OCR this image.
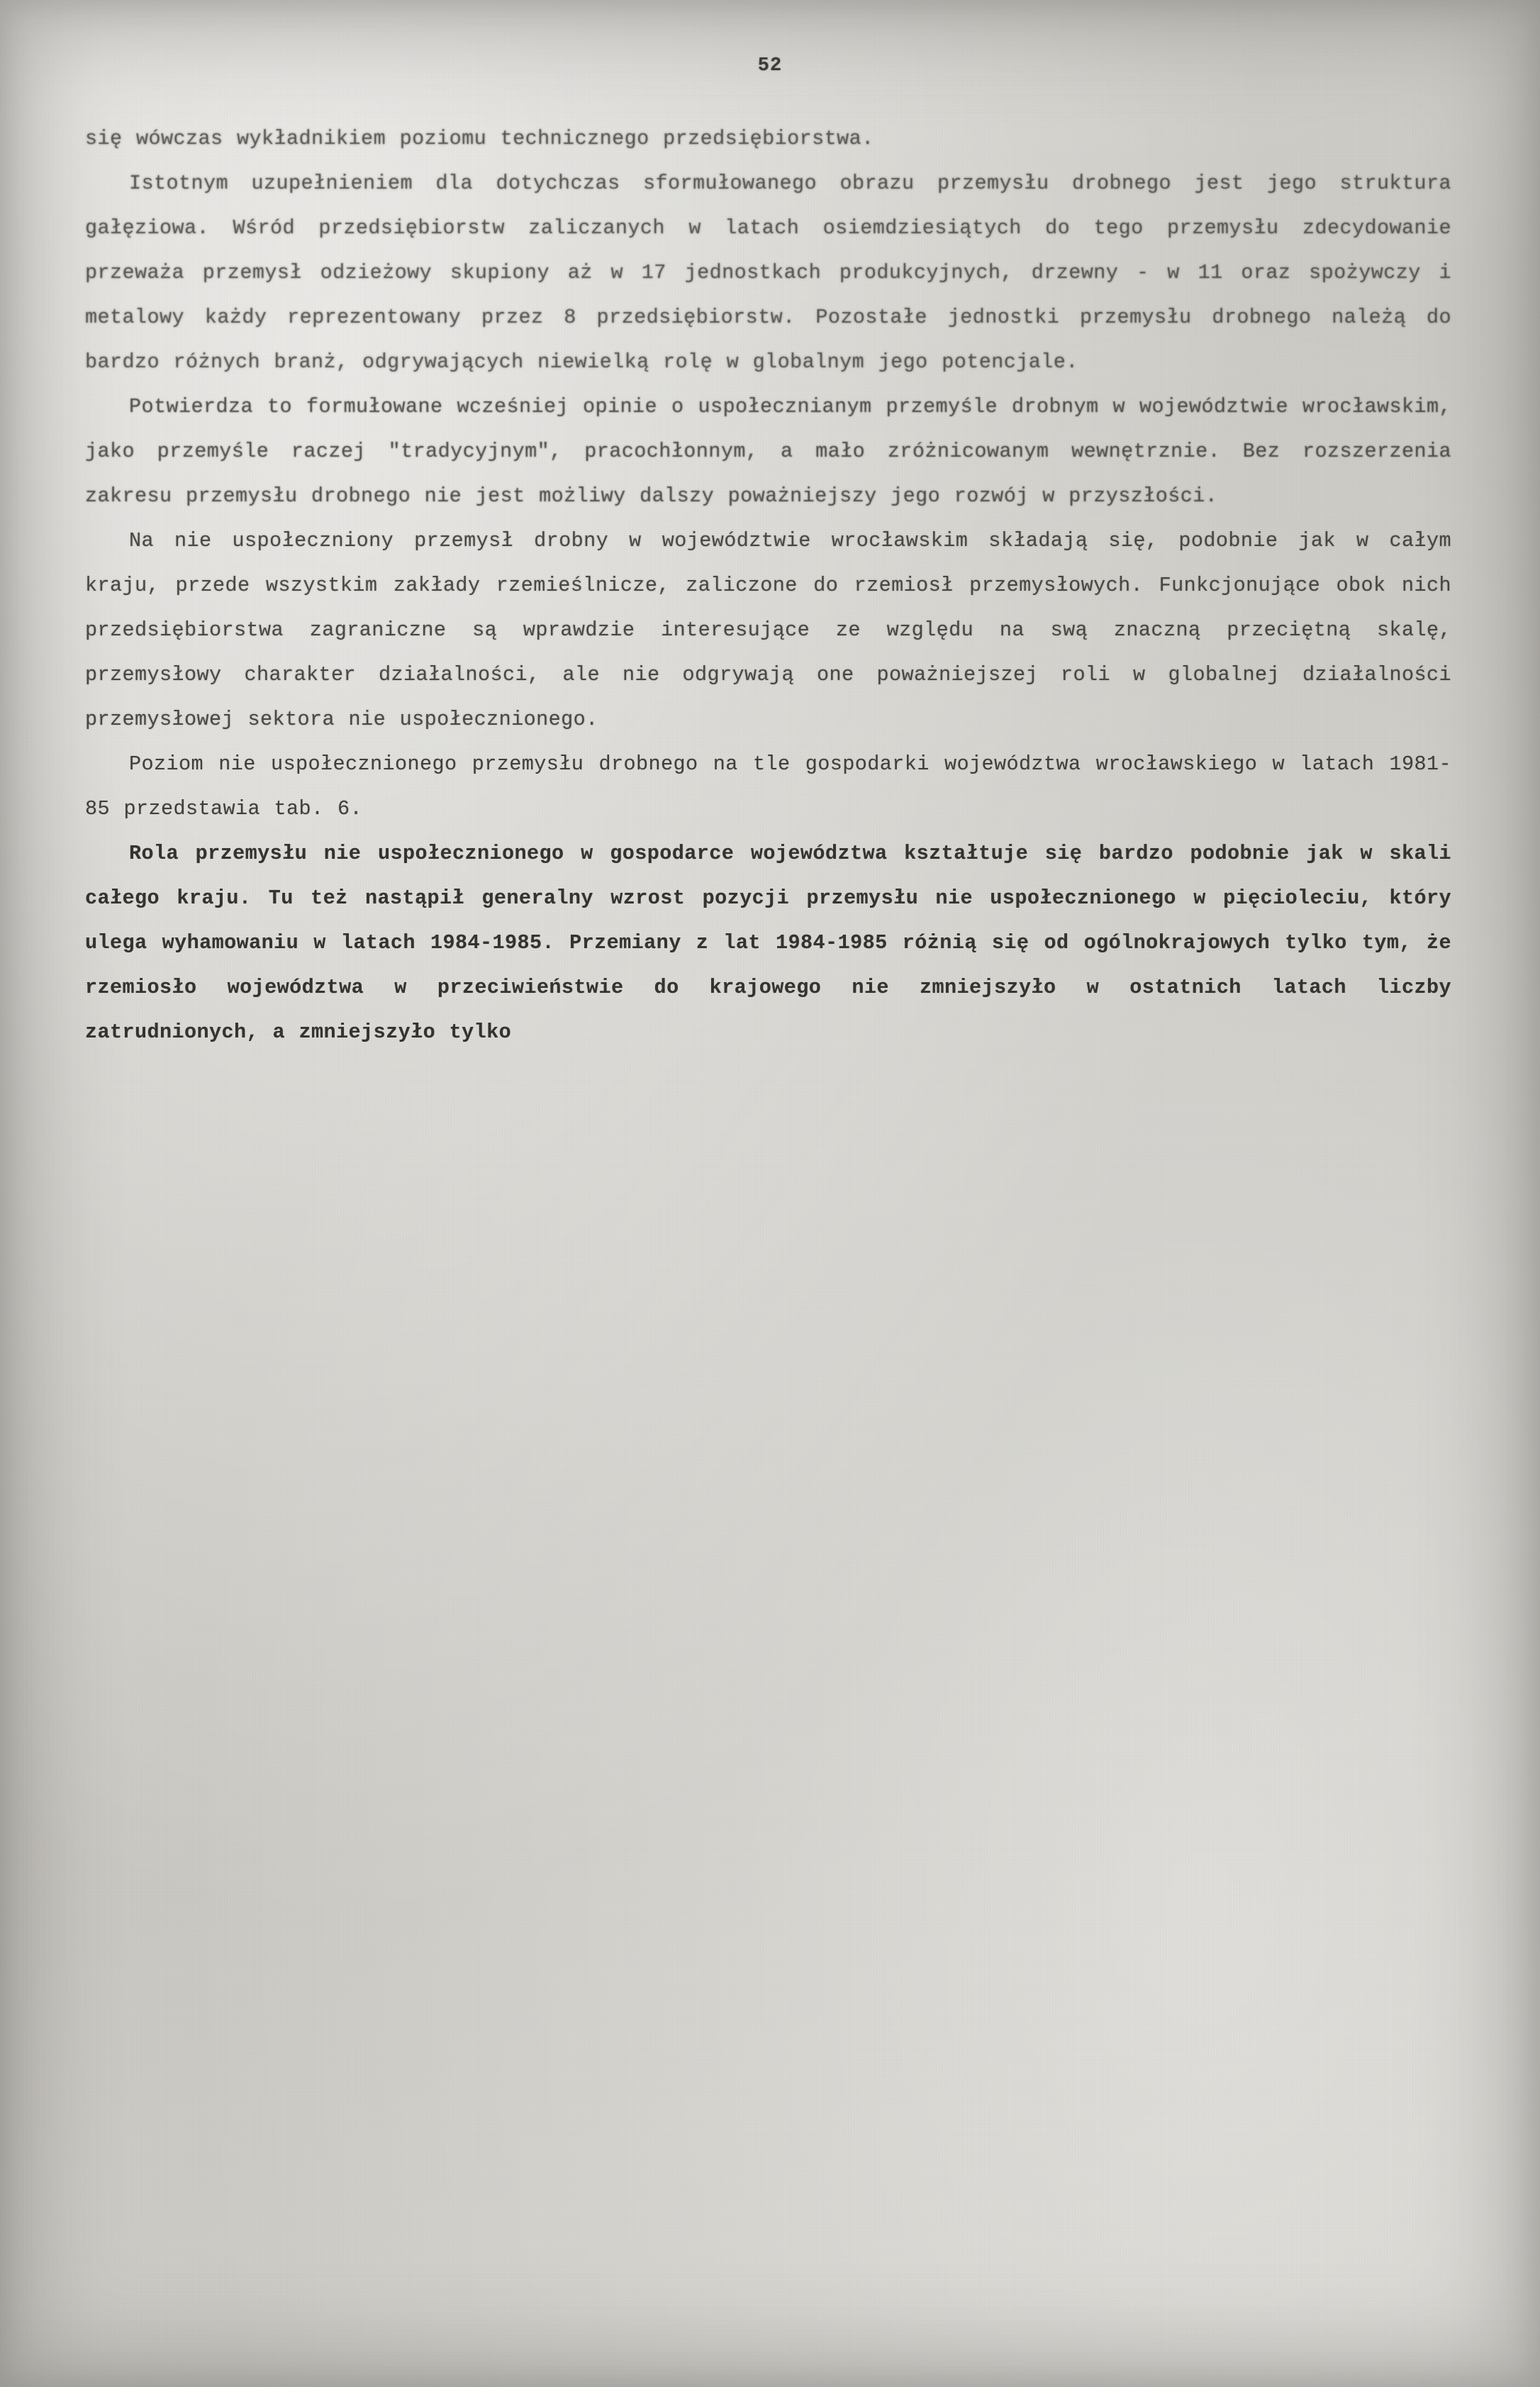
52

się wówczas wykładnikiem poziomu technicznego przedsiębiorstwa.

Istotnym uzupełnieniem dla dotychczas sformułowanego obrazu przemysłu drobnego jest jego struktura gałęziowa. Wśród przedsiębiorstw zaliczanych w latach osiemdziesiątych do tego przemysłu zdecydowanie przeważa przemysł odzieżowy skupiony aż w 17 jednostkach produkcyjnych, drzewny - w 11 oraz spożywczy i metalowy każdy reprezentowany przez 8 przedsiębiorstw. Pozostałe jednostki przemysłu drobnego należą do bardzo różnych branż, odgrywających niewielką rolę w globalnym jego potencjale.

Potwierdza to formułowane wcześniej opinie o uspołecznianym przemyśle drobnym w województwie wrocławskim, jako przemyśle raczej "tradycyjnym", pracochłonnym, a mało zróżnicowanym wewnętrznie. Bez rozszerzenia zakresu przemysłu drobnego nie jest możliwy dalszy poważniejszy jego rozwój w przyszłości.

Na nie uspołeczniony przemysł drobny w województwie wrocławskim składają się, podobnie jak w całym kraju, przede wszystkim zakłady rzemieślnicze, zaliczone do rzemiosł przemysłowych. Funkcjonujące obok nich przedsiębiorstwa zagraniczne są wprawdzie interesujące ze względu na swą znaczną przeciętną skalę, przemysłowy charakter działalności, ale nie odgrywają one poważniejszej roli w globalnej działalności przemysłowej sektora nie uspołecznionego.

Poziom nie uspołecznionego przemysłu drobnego na tle gospodarki województwa wrocławskiego w latach 1981-85 przedstawia tab. 6.

Rola przemysłu nie uspołecznionego w gospodarce województwa kształtuje się bardzo podobnie jak w skali całego kraju. Tu też nastąpił generalny wzrost pozycji przemysłu nie uspołecznionego w pięcioleciu, który ulega wyhamowaniu w latach 1984-1985. Przemiany z lat 1984-1985 różnią się od ogólnokrajowych tylko tym, że rzemiosło województwa w przeciwieństwie do krajowego nie zmniejszyło w ostatnich latach liczby zatrudnionych, a zmniejszyło tylko
